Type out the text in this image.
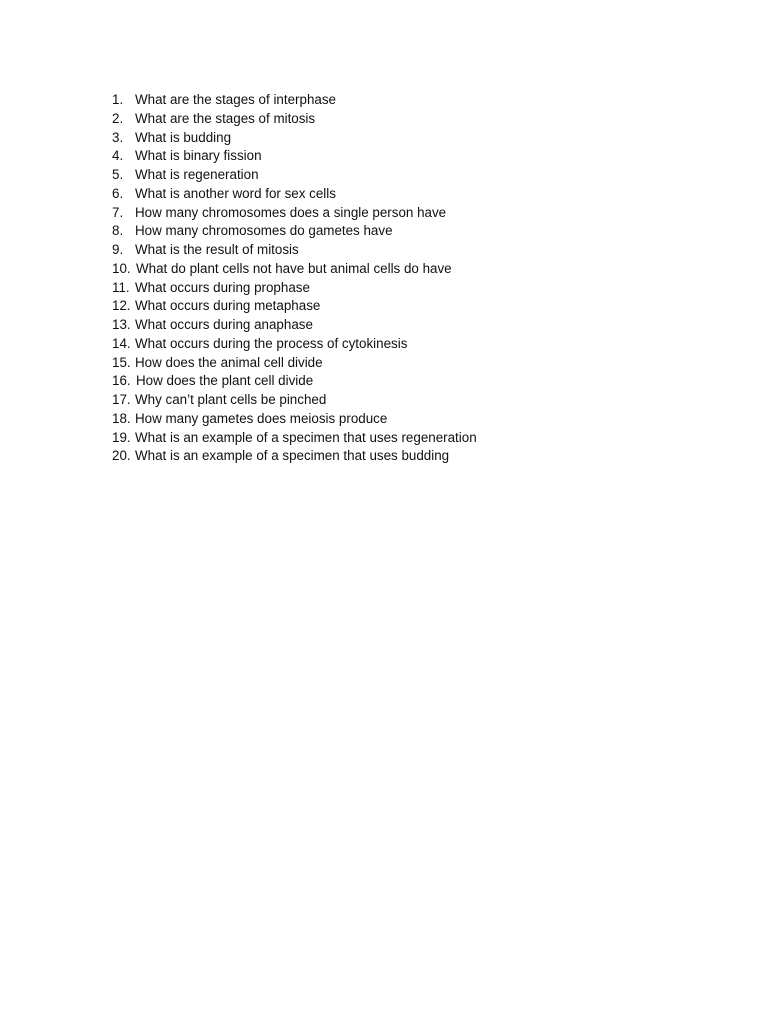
1. What are the stages of interphase
2. What are the stages of mitosis
3. What is budding
4. What is binary fission
5. What is regeneration
6. What is another word for sex cells
7. How many chromosomes does a single person have
8. How many chromosomes do gametes have
9. What is the result of mitosis
10. What do plant cells not have but animal cells do have
11. What occurs during prophase
12. What occurs during metaphase
13. What occurs during anaphase
14. What occurs during the process of cytokinesis
15. How does the animal cell divide
16. How does the plant cell divide
17. Why can’t plant cells be pinched
18. How many gametes does meiosis produce
19. What is an example of a specimen that uses regeneration
20. What is an example of a specimen that uses budding
